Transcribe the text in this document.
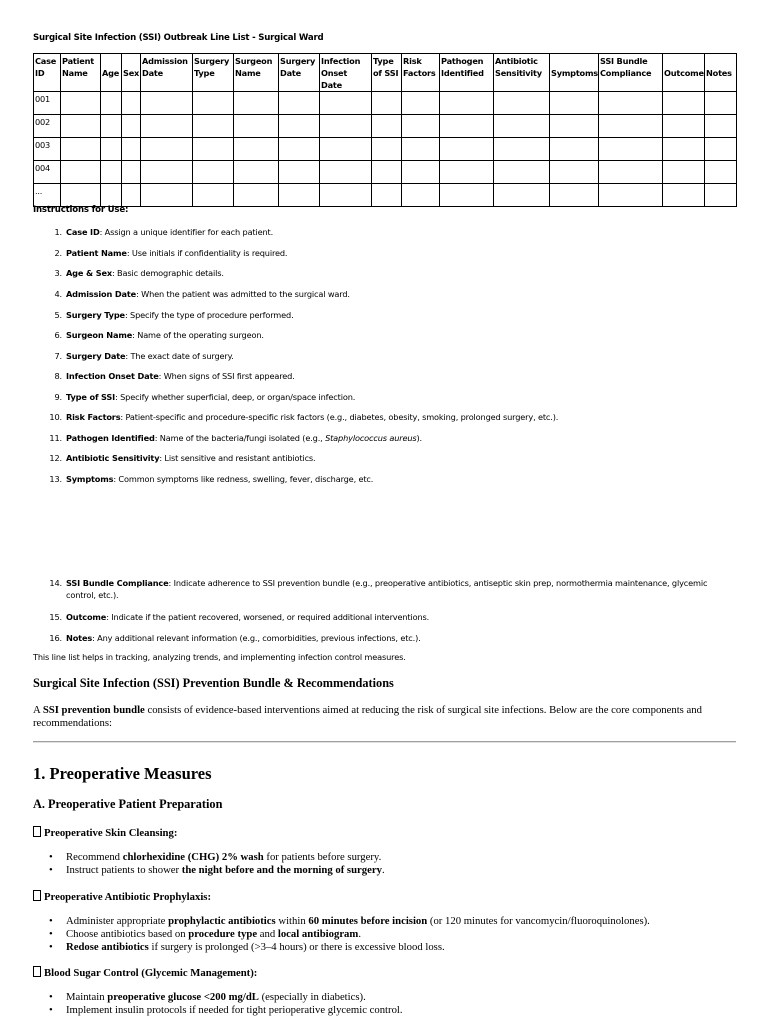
Surgical Site Infection (SSI) Outbreak Line List - Surgical Ward
Case ID	Patient Name	Age	Sex	Admission Date	Surgery Type	Surgeon Name	Surgery Date	Infection Onset Date	Type of SSI	Risk Factors	Pathogen Identified	Antibiotic Sensitivity	Symptoms	SSI Bundle Compliance	Outcome	Notes
001																
002																
003																
004																
...																
Instructions for Use:
1. Case ID: Assign a unique identifier for each patient.
2. Patient Name: Use initials if confidentiality is required.
3. Age & Sex: Basic demographic details.
4. Admission Date: When the patient was admitted to the surgical ward.
5. Surgery Type: Specify the type of procedure performed.
6. Surgeon Name: Name of the operating surgeon.
7. Surgery Date: The exact date of surgery.
8. Infection Onset Date: When signs of SSI first appeared.
9. Type of SSI: Specify whether superficial, deep, or organ/space infection.
10. Risk Factors: Patient-specific and procedure-specific risk factors (e.g., diabetes, obesity, smoking, prolonged surgery, etc.).
11. Pathogen Identified: Name of the bacteria/fungi isolated (e.g., Staphylococcus aureus).
12. Antibiotic Sensitivity: List sensitive and resistant antibiotics.
13. Symptoms: Common symptoms like redness, swelling, fever, discharge, etc.
14. SSI Bundle Compliance: Indicate adherence to SSI prevention bundle (e.g., preoperative antibiotics, antiseptic skin prep, normothermia maintenance, glycemic control, etc.).
15. Outcome: Indicate if the patient recovered, worsened, or required additional interventions.
16. Notes: Any additional relevant information (e.g., comorbidities, previous infections, etc.).
This line list helps in tracking, analyzing trends, and implementing infection control measures.
Surgical Site Infection (SSI) Prevention Bundle & Recommendations
A SSI prevention bundle consists of evidence-based interventions aimed at reducing the risk of surgical site infections. Below are the core components and recommendations:
1. Preoperative Measures
A. Preoperative Patient Preparation
Preoperative Skin Cleansing:
• Recommend chlorhexidine (CHG) 2% wash for patients before surgery.
• Instruct patients to shower the night before and the morning of surgery.
Preoperative Antibiotic Prophylaxis:
• Administer appropriate prophylactic antibiotics within 60 minutes before incision (or 120 minutes for vancomycin/fluoroquinolones).
• Choose antibiotics based on procedure type and local antibiogram.
• Redose antibiotics if surgery is prolonged (>3–4 hours) or there is excessive blood loss.
Blood Sugar Control (Glycemic Management):
• Maintain preoperative glucose <200 mg/dL (especially in diabetics).
• Implement insulin protocols if needed for tight perioperative glycemic control.
